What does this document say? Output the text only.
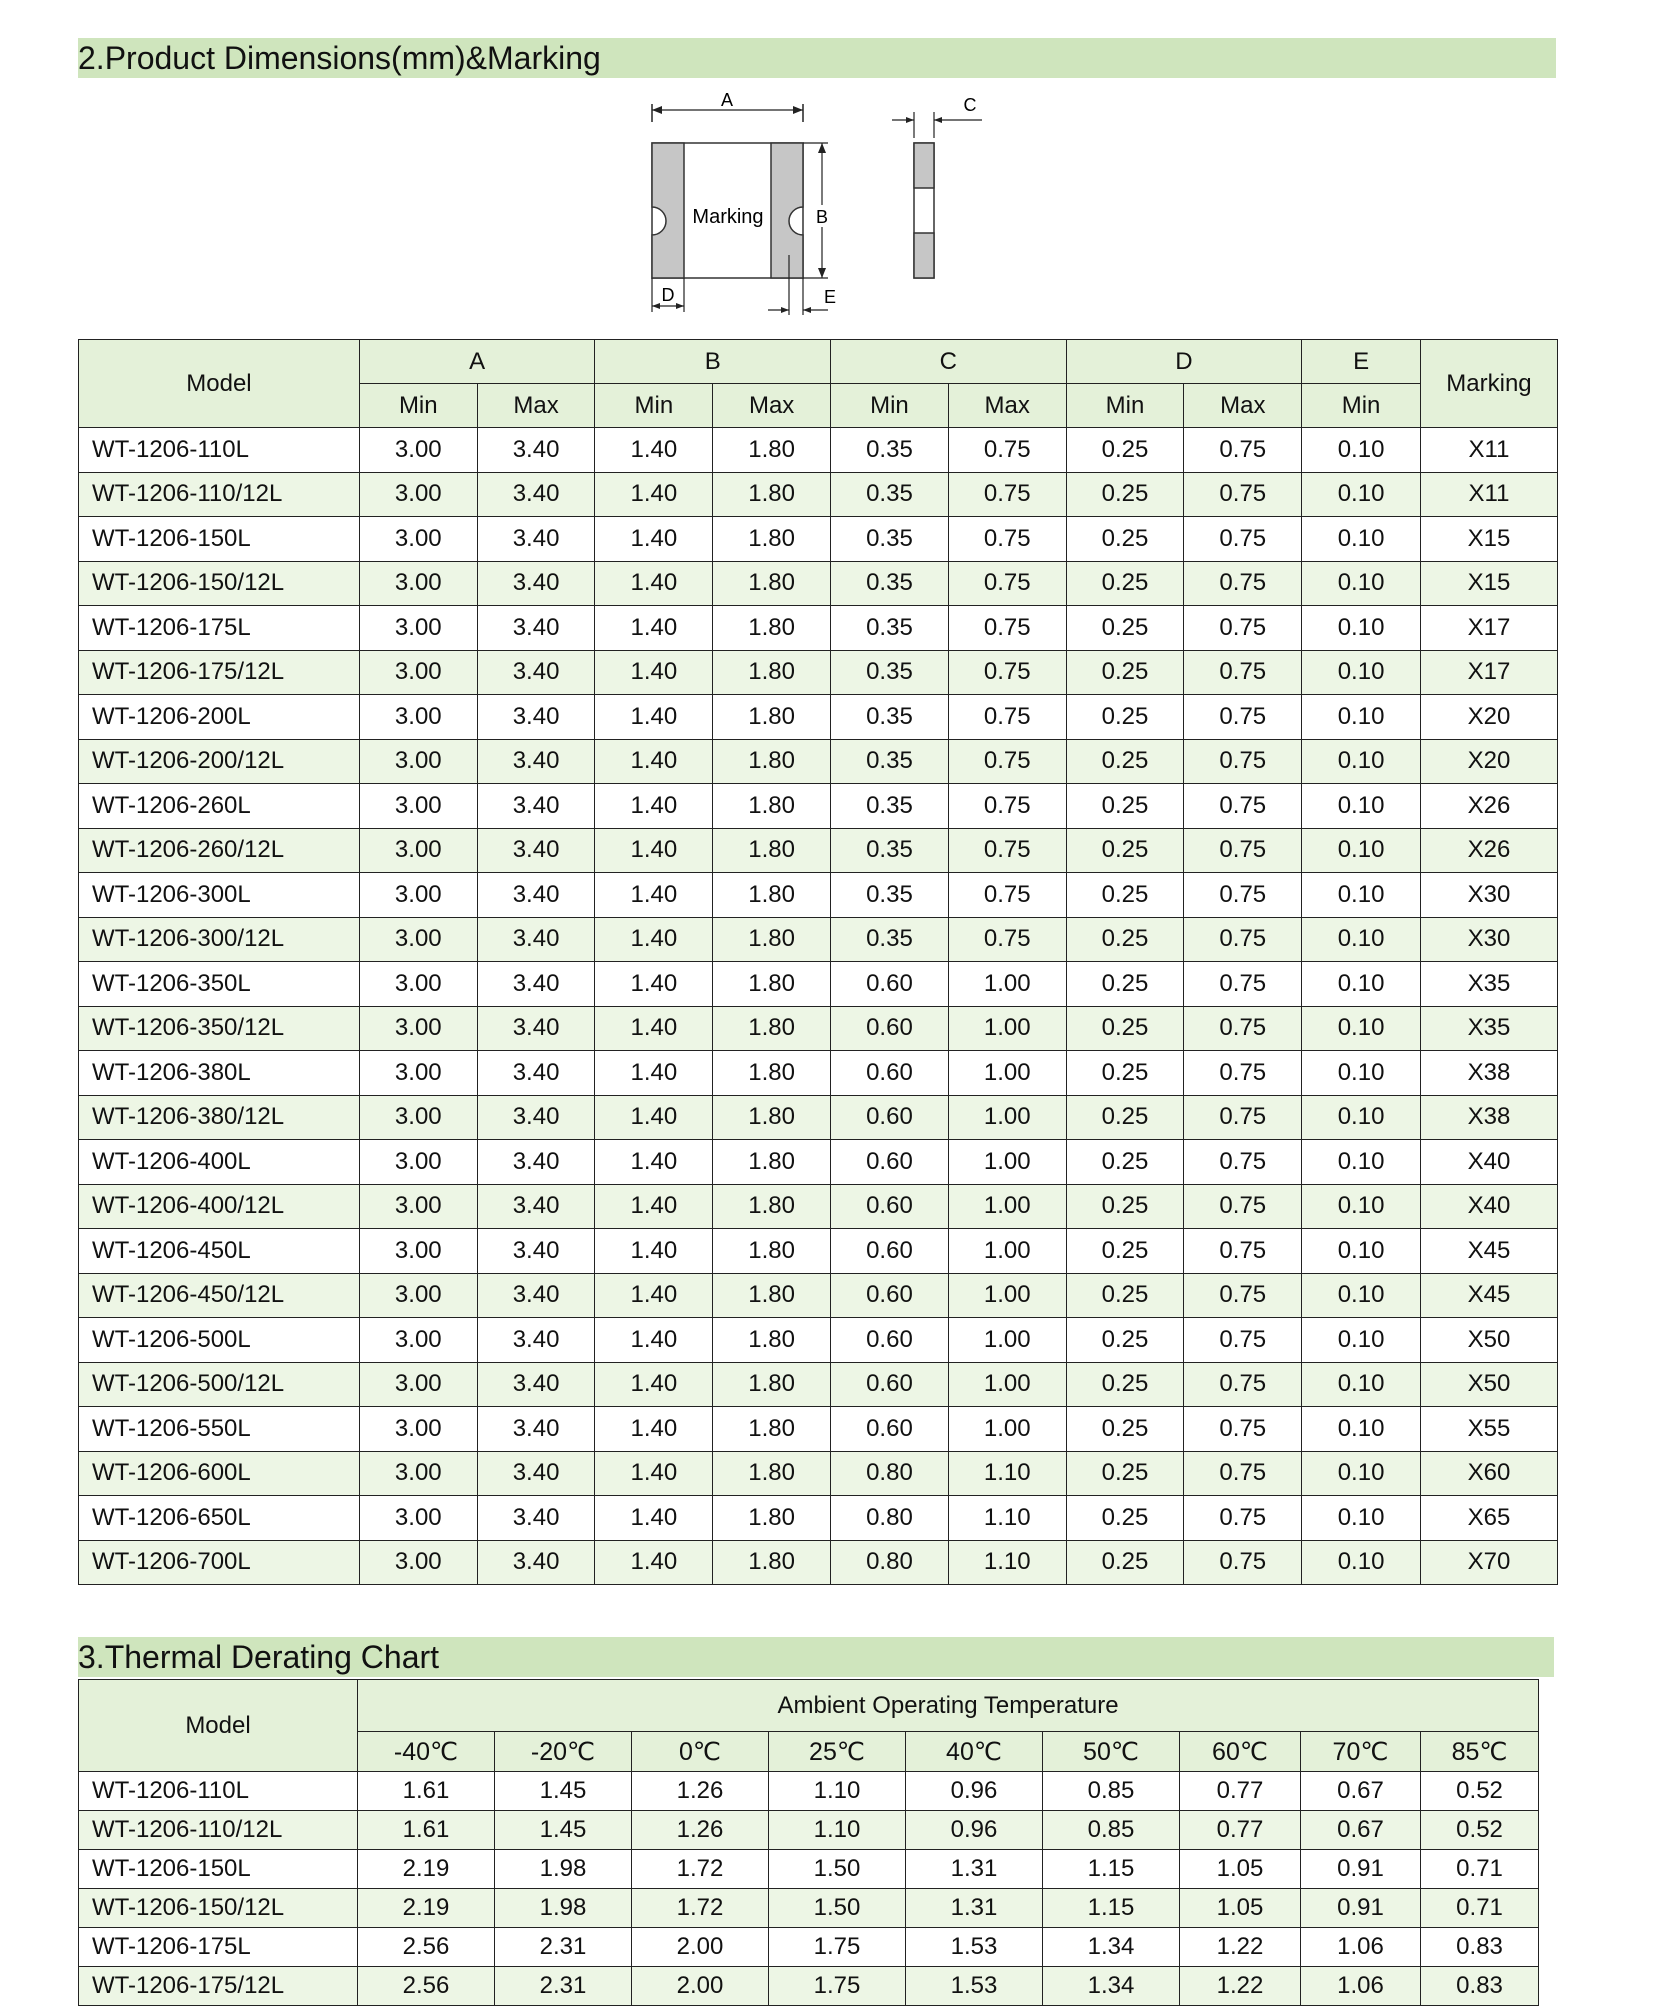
2.Product Dimensions(mm)&Marking
A
Marking	B
D	E
C
Model	A		B		C		D		E	Marking
	Min	Max	Min	Max	Min	Max	Min	Max	Min	
WT-1206-110L	3.00	3.40	1.40	1.80	0.35	0.75	0.25	0.75	0.10	X11
WT-1206-110/12L	3.00	3.40	1.40	1.80	0.35	0.75	0.25	0.75	0.10	X11
WT-1206-150L	3.00	3.40	1.40	1.80	0.35	0.75	0.25	0.75	0.10	X15
WT-1206-150/12L	3.00	3.40	1.40	1.80	0.35	0.75	0.25	0.75	0.10	X15
WT-1206-175L	3.00	3.40	1.40	1.80	0.35	0.75	0.25	0.75	0.10	X17
WT-1206-175/12L	3.00	3.40	1.40	1.80	0.35	0.75	0.25	0.75	0.10	X17
WT-1206-200L	3.00	3.40	1.40	1.80	0.35	0.75	0.25	0.75	0.10	X20
WT-1206-200/12L	3.00	3.40	1.40	1.80	0.35	0.75	0.25	0.75	0.10	X20
WT-1206-260L	3.00	3.40	1.40	1.80	0.35	0.75	0.25	0.75	0.10	X26
WT-1206-260/12L	3.00	3.40	1.40	1.80	0.35	0.75	0.25	0.75	0.10	X26
WT-1206-300L	3.00	3.40	1.40	1.80	0.35	0.75	0.25	0.75	0.10	X30
WT-1206-300/12L	3.00	3.40	1.40	1.80	0.35	0.75	0.25	0.75	0.10	X30
WT-1206-350L	3.00	3.40	1.40	1.80	0.60	1.00	0.25	0.75	0.10	X35
WT-1206-350/12L	3.00	3.40	1.40	1.80	0.60	1.00	0.25	0.75	0.10	X35
WT-1206-380L	3.00	3.40	1.40	1.80	0.60	1.00	0.25	0.75	0.10	X38
WT-1206-380/12L	3.00	3.40	1.40	1.80	0.60	1.00	0.25	0.75	0.10	X38
WT-1206-400L	3.00	3.40	1.40	1.80	0.60	1.00	0.25	0.75	0.10	X40
WT-1206-400/12L	3.00	3.40	1.40	1.80	0.60	1.00	0.25	0.75	0.10	X40
WT-1206-450L	3.00	3.40	1.40	1.80	0.60	1.00	0.25	0.75	0.10	X45
WT-1206-450/12L	3.00	3.40	1.40	1.80	0.60	1.00	0.25	0.75	0.10	X45
WT-1206-500L	3.00	3.40	1.40	1.80	0.60	1.00	0.25	0.75	0.10	X50
WT-1206-500/12L	3.00	3.40	1.40	1.80	0.60	1.00	0.25	0.75	0.10	X50
WT-1206-550L	3.00	3.40	1.40	1.80	0.60	1.00	0.25	0.75	0.10	X55
WT-1206-600L	3.00	3.40	1.40	1.80	0.80	1.10	0.25	0.75	0.10	X60
WT-1206-650L	3.00	3.40	1.40	1.80	0.80	1.10	0.25	0.75	0.10	X65
WT-1206-700L	3.00	3.40	1.40	1.80	0.80	1.10	0.25	0.75	0.10	X70
3.Thermal Derating Chart
Model	Ambient Operating Temperature								
	-40℃	-20℃	0℃	25℃	40℃	50℃	60℃	70℃	85℃
WT-1206-110L	1.61	1.45	1.26	1.10	0.96	0.85	0.77	0.67	0.52
WT-1206-110/12L	1.61	1.45	1.26	1.10	0.96	0.85	0.77	0.67	0.52
WT-1206-150L	2.19	1.98	1.72	1.50	1.31	1.15	1.05	0.91	0.71
WT-1206-150/12L	2.19	1.98	1.72	1.50	1.31	1.15	1.05	0.91	0.71
WT-1206-175L	2.56	2.31	2.00	1.75	1.53	1.34	1.22	1.06	0.83
WT-1206-175/12L	2.56	2.31	2.00	1.75	1.53	1.34	1.22	1.06	0.83
